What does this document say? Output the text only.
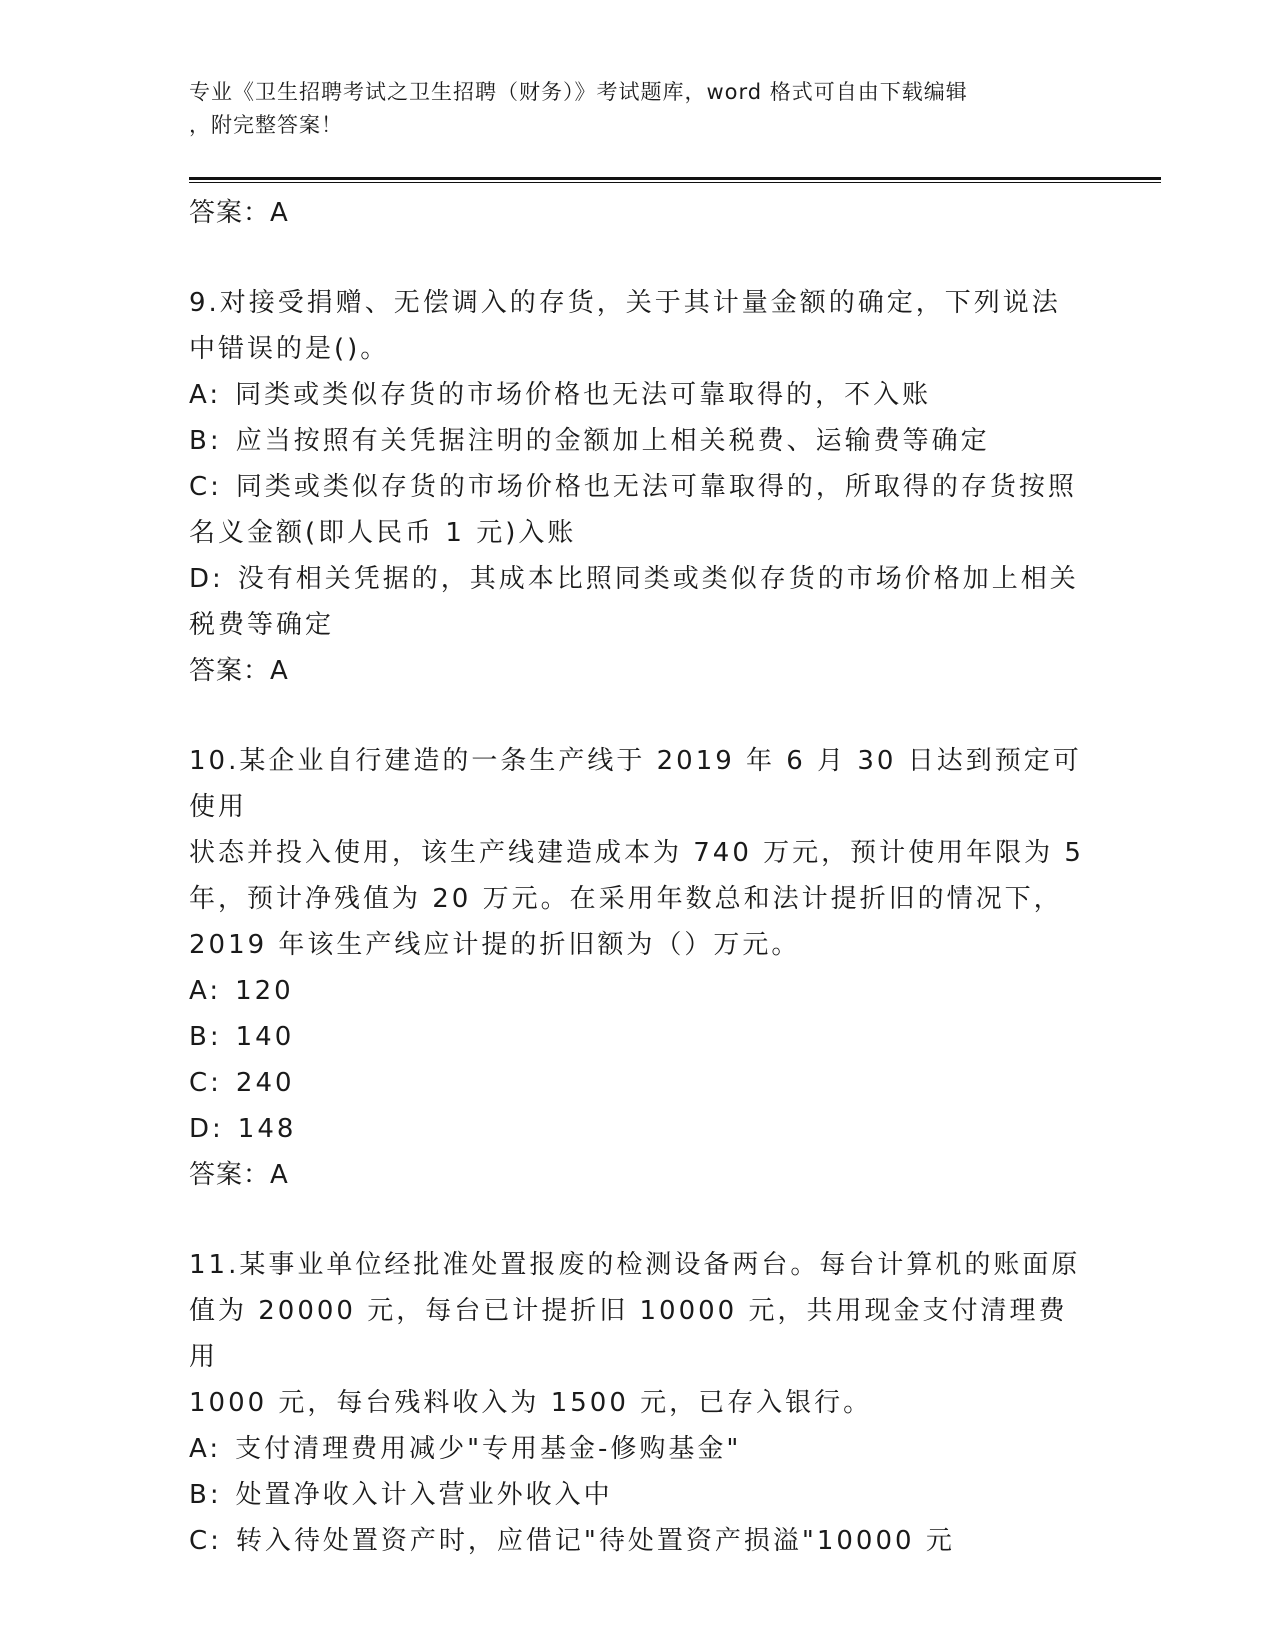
专业《卫生招聘考试之卫生招聘（财务）》考试题库，word 格式可自由下载编辑
，附完整答案！

答案：A

9.对接受捐赠、无偿调入的存货，关于其计量金额的确定，下列说法

中错误的是()。

A: 同类或类似存货的市场价格也无法可靠取得的，不入账

B: 应当按照有关凭据注明的金额加上相关税费、运输费等确定

C: 同类或类似存货的市场价格也无法可靠取得的，所取得的存货按照

名义金额(即人民币 1 元)入账

D: 没有相关凭据的，其成本比照同类或类似存货的市场价格加上相关

税费等确定

答案：A

10.某企业自行建造的一条生产线于 2019 年 6 月 30 日达到预定可使用

状态并投入使用，该生产线建造成本为 740 万元，预计使用年限为 5

年，预计净残值为 20 万元。在采用年数总和法计提折旧的情况下，

2019 年该生产线应计提的折旧额为（）万元。

A: 120

B: 140

C: 240

D: 148

答案：A

11.某事业单位经批准处置报废的检测设备两台。每台计算机的账面原

值为 20000 元，每台已计提折旧 10000 元，共用现金支付清理费用

1000 元，每台残料收入为 1500 元，已存入银行。

A: 支付清理费用减少"专用基金-修购基金"

B: 处置净收入计入营业外收入中

C: 转入待处置资产时，应借记"待处置资产损溢"10000 元
